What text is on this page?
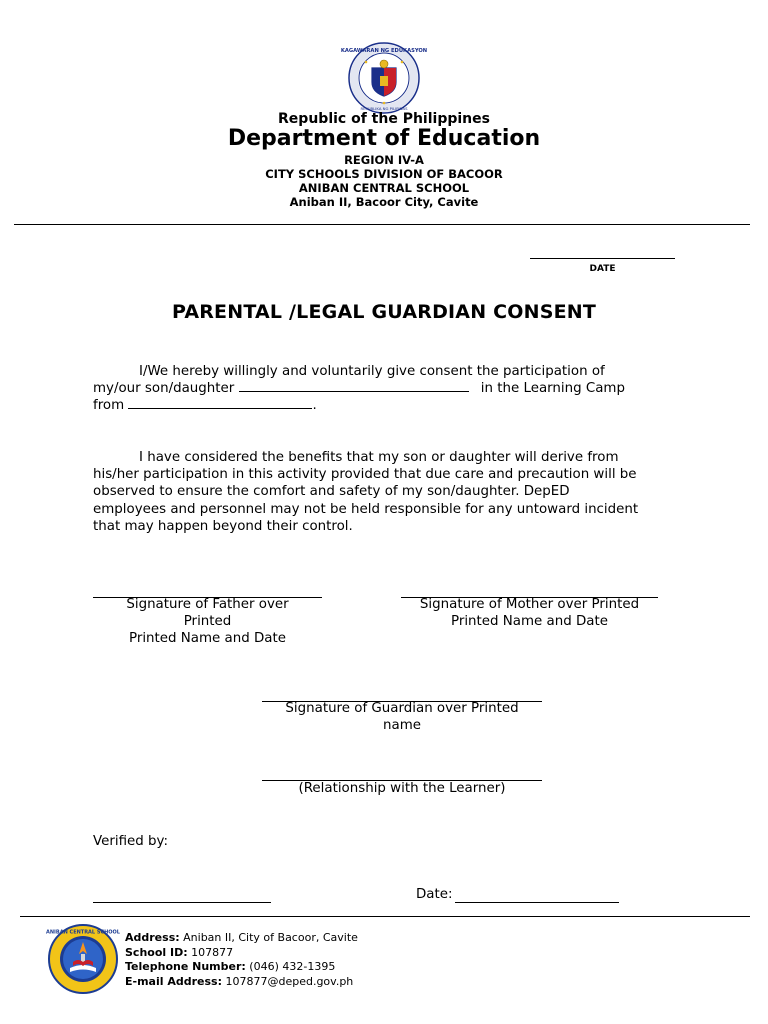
KAGAWARAN NG EDUKASYON
REPUBLIKA NG PILIPINAS
Republic of the Philippines
Department of Education
REGION IV-A
CITY SCHOOLS DIVISION OF BACOOR
ANIBAN CENTRAL SCHOOL
Aniban II, Bacoor City, Cavite
DATE
PARENTAL /LEGAL GUARDIAN CONSENT
I/We hereby willingly and voluntarily give consent the participation of
my/our son/daughter	in the Learning Camp
from	.
I have considered the benefits that my son or daughter will derive from
his/her participation in this activity provided that due care and precaution will be
observed to ensure the comfort and safety of my son/daughter. DepED
employees and personnel may not be held responsible for any untoward incident
that may happen beyond their control.
Signature of Father over
Printed
Printed Name and Date
Signature of Mother over Printed
Printed Name and Date
Signature of Guardian over Printed
name
(Relationship with the Learner)
Verified by:
Date:
ANIBAN CENTRAL SCHOOL Address: Aniban II, City of Bacoor, Cavite
School ID: 107877
Telephone Number: (046) 432-1395
E-mail Address: 107877@deped.gov.ph
